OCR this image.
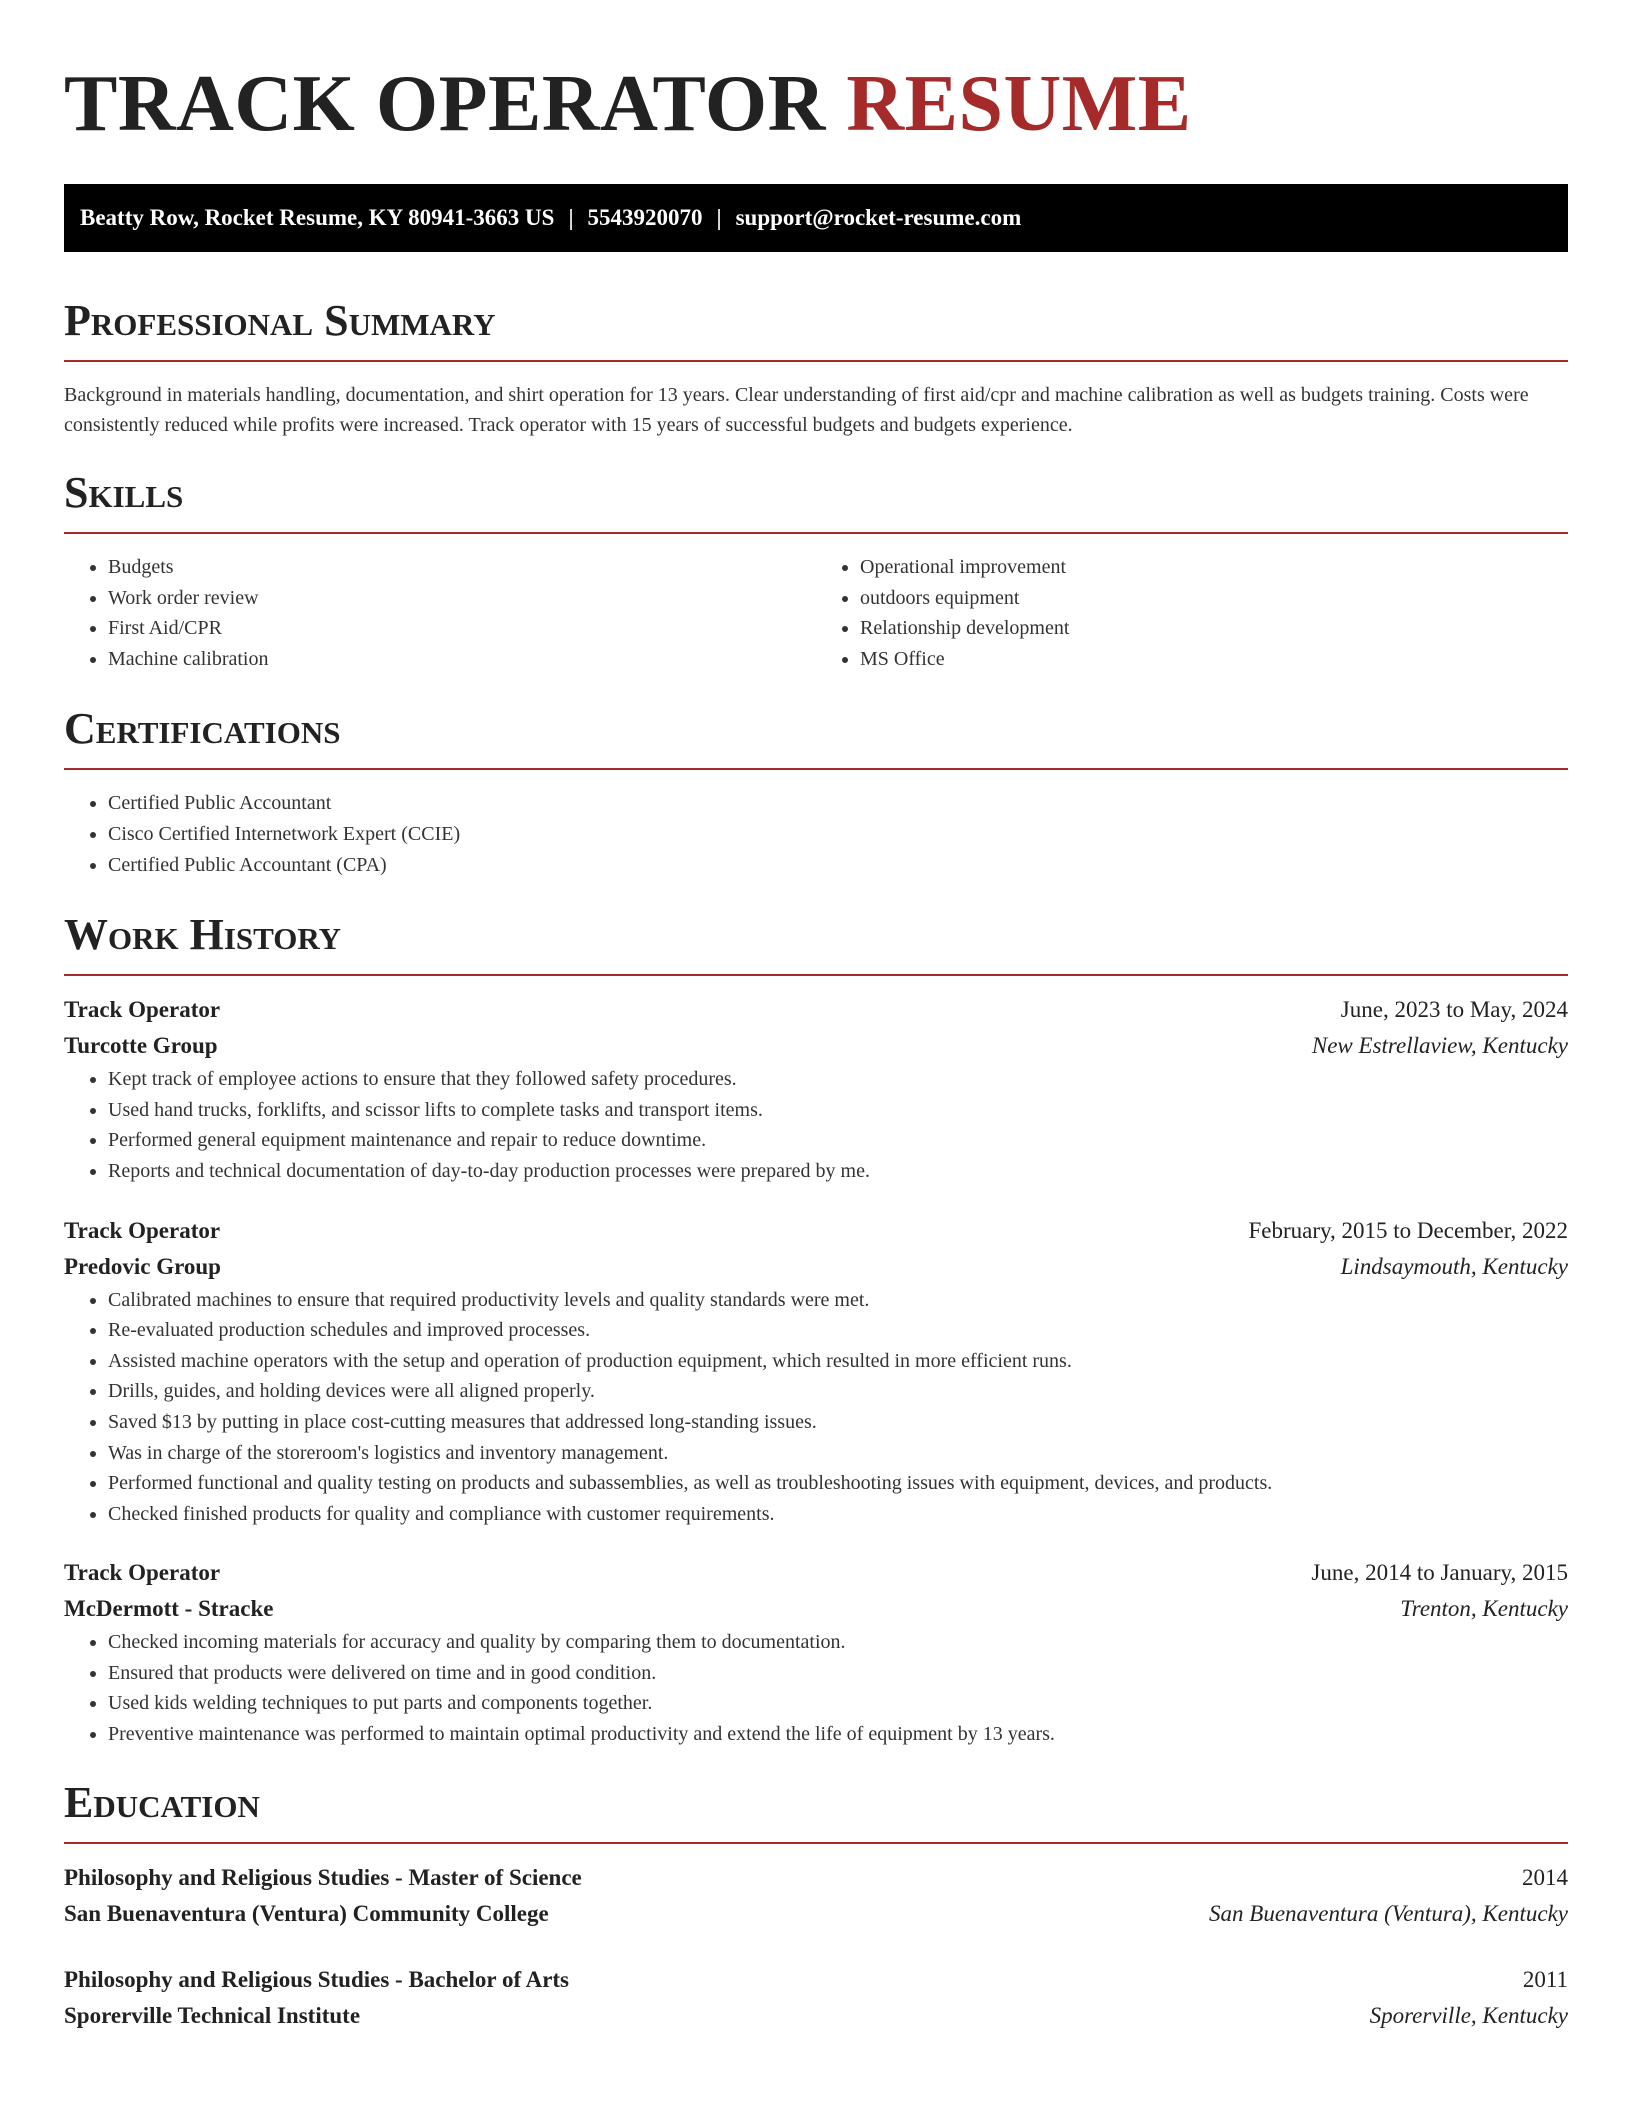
TRACK OPERATOR RESUME
Beatty Row, Rocket Resume, KY 80941-3663 US | 5543920070 | support@rocket-resume.com
Professional Summary

Background in materials handling, documentation, and shirt operation for 13 years. Clear understanding of first aid/cpr and machine calibration as well as budgets training. Costs were consistently reduced while profits were increased. Track operator with 15 years of successful budgets and budgets experience.

Skills
• Budgets
• Work order review
• First Aid/CPR
• Machine calibration
• Operational improvement
• outdoors equipment
• Relationship development
• MS Office
Certifications
• Certified Public Accountant
• Cisco Certified Internetwork Expert (CCIE)
• Certified Public Accountant (CPA)
Work History
Track Operator	June, 2023 to May, 2024
Turcotte Group	New Estrellaview, Kentucky
• Kept track of employee actions to ensure that they followed safety procedures.
• Used hand trucks, forklifts, and scissor lifts to complete tasks and transport items.
• Performed general equipment maintenance and repair to reduce downtime.
• Reports and technical documentation of day-to-day production processes were prepared by me.
Track Operator	February, 2015 to December, 2022
Predovic Group	Lindsaymouth, Kentucky
• Calibrated machines to ensure that required productivity levels and quality standards were met.
• Re-evaluated production schedules and improved processes.
• Assisted machine operators with the setup and operation of production equipment, which resulted in more efficient runs.
• Drills, guides, and holding devices were all aligned properly.
• Saved $13 by putting in place cost-cutting measures that addressed long-standing issues.
• Was in charge of the storeroom's logistics and inventory management.
• Performed functional and quality testing on products and subassemblies, as well as troubleshooting issues with equipment, devices, and products.
• Checked finished products for quality and compliance with customer requirements.
Track Operator	June, 2014 to January, 2015
McDermott - Stracke	Trenton, Kentucky
• Checked incoming materials for accuracy and quality by comparing them to documentation.
• Ensured that products were delivered on time and in good condition.
• Used kids welding techniques to put parts and components together.
• Preventive maintenance was performed to maintain optimal productivity and extend the life of equipment by 13 years.
Education
Philosophy and Religious Studies - Master of Science	2014
San Buenaventura (Ventura) Community College	San Buenaventura (Ventura), Kentucky
Philosophy and Religious Studies - Bachelor of Arts	2011
Sporerville Technical Institute	Sporerville, Kentucky
